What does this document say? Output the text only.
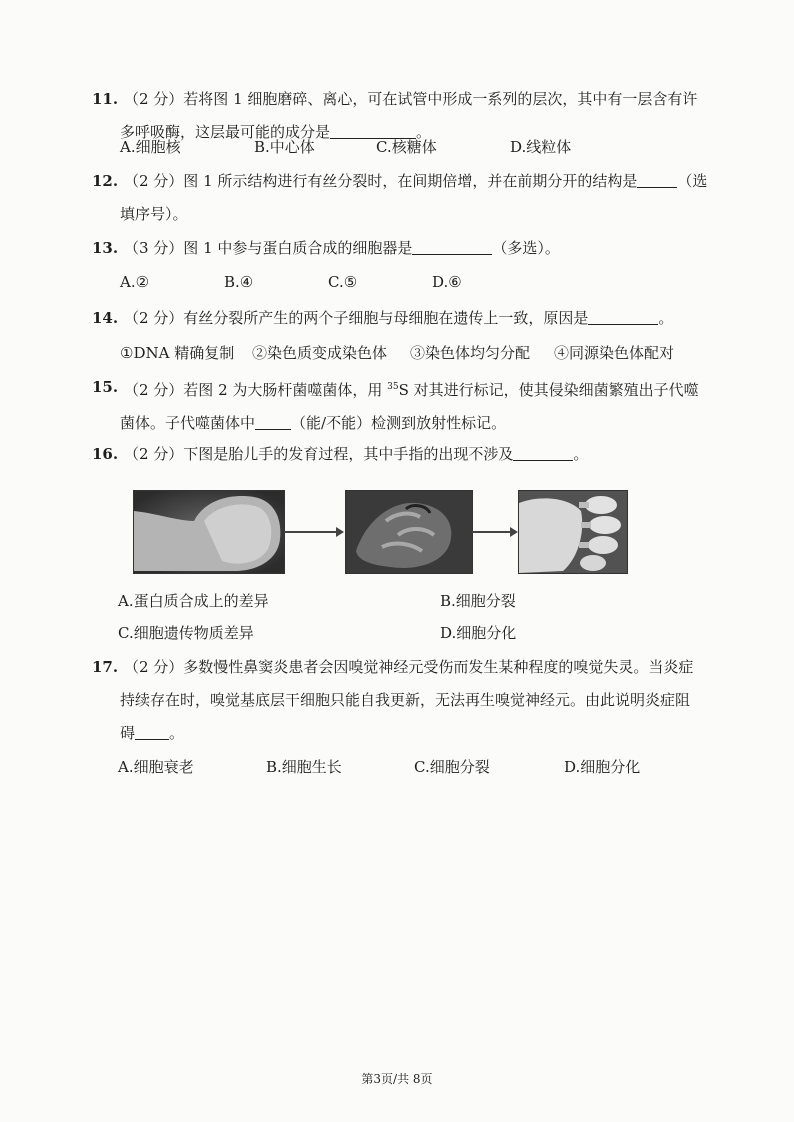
11. （2 分）若将图 1 细胞磨碎、离心，可在试管中形成一系列的层次，其中有一层含有许
多呼吸酶，这层最可能的成分是	。
A.细胞核	B.中心体	C.核糖体	D.线粒体
12. （2 分）图 1 所示结构进行有丝分裂时，在间期倍增，并在前期分开的结构是	（选
填序号）。
13. （3 分）图 1 中参与蛋白质合成的细胞器是	（多选）。
A.②	B.④	C.⑤	D.⑥
14. （2 分）有丝分裂所产生的两个子细胞与母细胞在遗传上一致，原因是	。
①DNA 精确复制 ②染色质变成染色体 ③染色体均匀分配 ④同源染色体配对
15. （2 分）若图 2 为大肠杆菌噬菌体，用 $^{35}$S 对其进行标记，使其侵染细菌繁殖出子代噬
菌体。子代噬菌体中 （能/不能）检测到放射性标记。
16. （2 分）下图是胎儿手的发育过程，其中手指的出现不涉及	。
A.蛋白质合成上的差异	B.细胞分裂
C.细胞遗传物质差异	D.细胞分化
17. （2 分）多数慢性鼻窦炎患者会因嗅觉神经元受伤而发生某种程度的嗅觉失灵。当炎症
持续存在时，嗅觉基底层干细胞只能自我更新，无法再生嗅觉神经元。由此说明炎症阻
碍 。
A.细胞衰老	B.细胞生长	C.细胞分裂	D.细胞分化
第3页/共 8页
